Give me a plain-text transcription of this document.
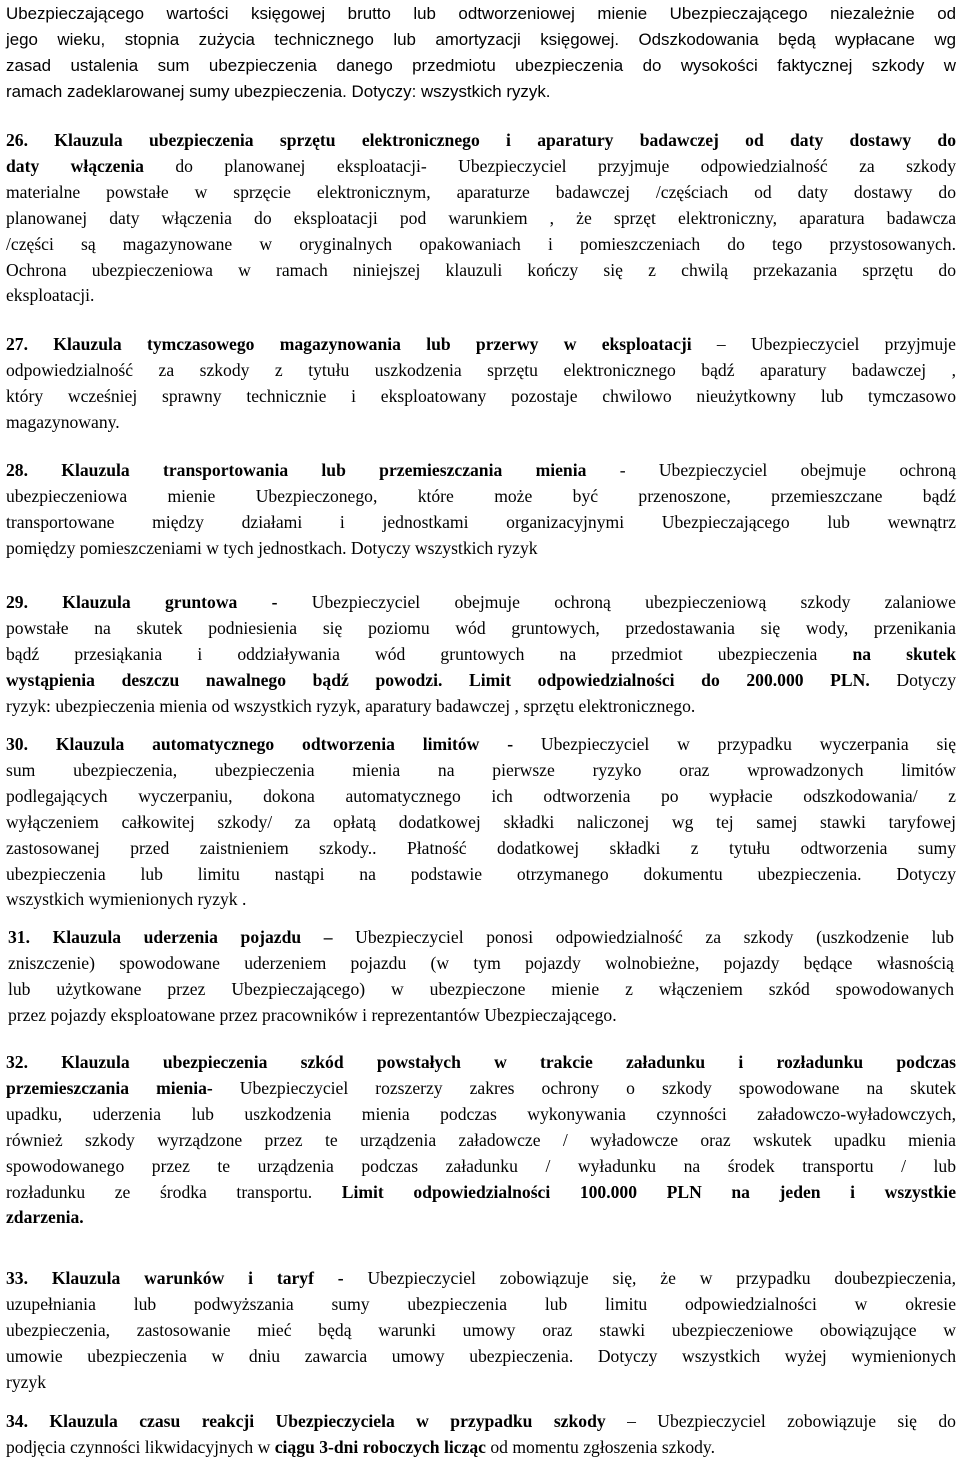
Ubezpieczającego wartości księgowej brutto lub odtworzeniowej mienie Ubezpieczającego niezależnie od
jego wieku, stopnia zużycia technicznego lub amortyzacji księgowej. Odszkodowania będą wypłacane wg
zasad ustalenia sum ubezpieczenia danego przedmiotu ubezpieczenia do wysokości faktycznej szkody w
ramach zadeklarowanej sumy ubezpieczenia. Dotyczy: wszystkich ryzyk.
26. Klauzula ubezpieczenia sprzętu elektronicznego i aparatury badawczej od daty dostawy do
daty włączenia do planowanej eksploatacji- Ubezpieczyciel przyjmuje odpowiedzialność za szkody
materialne powstałe w sprzęcie elektronicznym, aparaturze badawczej /częściach od daty dostawy do
planowanej daty włączenia do eksploatacji pod warunkiem , że sprzęt elektroniczny, aparatura badawcza
/części są magazynowane w oryginalnych opakowaniach i pomieszczeniach do tego przystosowanych.
Ochrona ubezpieczeniowa w ramach niniejszej klauzuli kończy się z chwilą przekazania sprzętu do
eksploatacji.
27. Klauzula tymczasowego magazynowania lub przerwy w eksploatacji – Ubezpieczyciel przyjmuje
odpowiedzialność za szkody z tytułu uszkodzenia sprzętu elektronicznego bądź aparatury badawczej ,
który wcześniej sprawny technicznie i eksploatowany pozostaje chwilowo nieużytkowny lub tymczasowo
magazynowany.
28. Klauzula transportowania lub przemieszczania mienia - Ubezpieczyciel obejmuje ochroną
ubezpieczeniowa mienie Ubezpieczonego, które może być przenoszone, przemieszczane bądź
transportowane między działami i jednostkami organizacyjnymi Ubezpieczającego lub wewnątrz
pomiędzy pomieszczeniami w tych jednostkach. Dotyczy wszystkich ryzyk
29. Klauzula gruntowa - Ubezpieczyciel obejmuje ochroną ubezpieczeniową szkody zalaniowe
powstałe na skutek podniesienia się poziomu wód gruntowych, przedostawania się wody, przenikania
bądź przesiąkania i oddziaływania wód gruntowych na przedmiot ubezpieczenia na skutek
wystąpienia deszczu nawalnego bądź powodzi. Limit odpowiedzialności do 200.000 PLN. Dotyczy
ryzyk: ubezpieczenia mienia od wszystkich ryzyk, aparatury badawczej , sprzętu elektronicznego.
30. Klauzula automatycznego odtworzenia limitów - Ubezpieczyciel w przypadku wyczerpania się
sum ubezpieczenia, ubezpieczenia mienia na pierwsze ryzyko oraz wprowadzonych limitów
podlegających wyczerpaniu, dokona automatycznego ich odtworzenia po wypłacie odszkodowania/ z
wyłączeniem całkowitej szkody/ za opłatą dodatkowej składki naliczonej wg tej samej stawki taryfowej
zastosowanej przed zaistnieniem szkody.. Płatność dodatkowej składki z tytułu odtworzenia sumy
ubezpieczenia lub limitu nastąpi na podstawie otrzymanego dokumentu ubezpieczenia. Dotyczy
wszystkich wymienionych ryzyk .
31. Klauzula uderzenia pojazdu – Ubezpieczyciel ponosi odpowiedzialność za szkody (uszkodzenie lub
zniszczenie) spowodowane uderzeniem pojazdu (w tym pojazdy wolnobieżne, pojazdy będące własnością
lub użytkowane przez Ubezpieczającego) w ubezpieczone mienie z włączeniem szkód spowodowanych
przez pojazdy eksploatowane przez pracowników i reprezentantów Ubezpieczającego.
32. Klauzula ubezpieczenia szkód powstałych w trakcie załadunku i rozładunku podczas
przemieszczania mienia- Ubezpieczyciel rozszerzy zakres ochrony o szkody spowodowane na skutek
upadku, uderzenia lub uszkodzenia mienia podczas wykonywania czynności załadowczo-wyładowczych,
również szkody wyrządzone przez te urządzenia załadowcze / wyładowcze oraz wskutek upadku mienia
spowodowanego przez te urządzenia podczas załadunku / wyładunku na środek transportu / lub
rozładunku ze środka transportu. Limit odpowiedzialności 100.000 PLN na jeden i wszystkie
zdarzenia.
33. Klauzula warunków i taryf - Ubezpieczyciel zobowiązuje się, że w przypadku doubezpieczenia,
uzupełniania lub podwyższania sumy ubezpieczenia lub limitu odpowiedzialności w okresie
ubezpieczenia, zastosowanie mieć będą warunki umowy oraz stawki ubezpieczeniowe obowiązujące w
umowie ubezpieczenia w dniu zawarcia umowy ubezpieczenia. Dotyczy wszystkich wyżej wymienionych
ryzyk
34. Klauzula czasu reakcji Ubezpieczyciela w przypadku szkody – Ubezpieczyciel zobowiązuje się do
podjęcia czynności likwidacyjnych w ciągu 3-dni roboczych licząc od momentu zgłoszenia szkody.
